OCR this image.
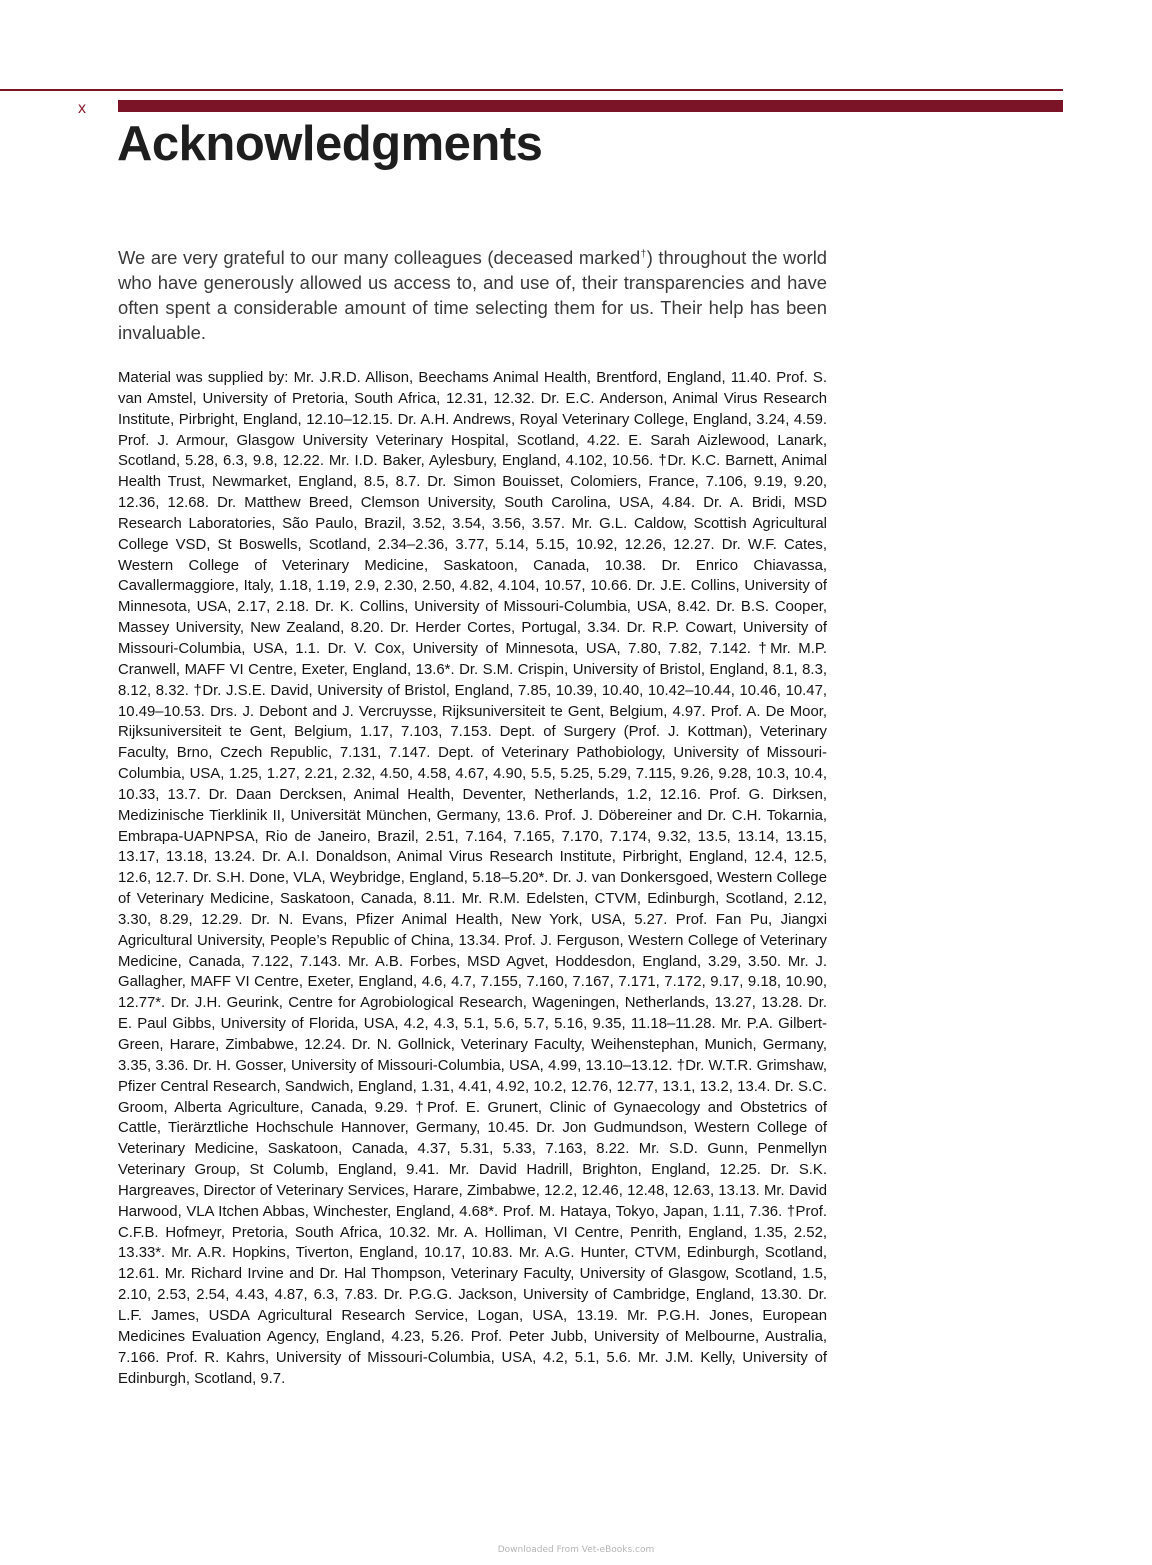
x
Acknowledgments

We are very grateful to our many colleagues (deceased marked†) throughout the world who have generously allowed us access to, and use of, their transparencies and have often spent a considerable amount of time selecting them for us. Their help has been invaluable.

Material was supplied by: Mr. J.R.D. Allison, Beechams Animal Health, Brentford, England, 11.40. Prof. S. van Amstel, University of Pretoria, South Africa, 12.31, 12.32. Dr. E.C. Anderson, Animal Virus Research Institute, Pirbright, England, 12.10–12.15. Dr. A.H. Andrews, Royal Veterinary College, England, 3.24, 4.59. Prof. J. Armour, Glasgow University Veterinary Hospital, Scotland, 4.22. E. Sarah Aizlewood, Lanark, Scotland, 5.28, 6.3, 9.8, 12.22. Mr. I.D. Baker, Aylesbury, England, 4.102, 10.56. †Dr. K.C. Barnett, Animal Health Trust, Newmarket, England, 8.5, 8.7. Dr. Simon Bouisset, Colomiers, France, 7.106, 9.19, 9.20, 12.36, 12.68. Dr. Matthew Breed, Clemson University, South Carolina, USA, 4.84. Dr. A. Bridi, MSD Research Laboratories, São Paulo, Brazil, 3.52, 3.54, 3.56, 3.57. Mr. G.L. Caldow, Scottish Agricultural College VSD, St Boswells, Scotland, 2.34–2.36, 3.77, 5.14, 5.15, 10.92, 12.26, 12.27. Dr. W.F. Cates, Western College of Veterinary Medicine, Saskatoon, Canada, 10.38. Dr. Enrico Chiavassa, Cavallermaggiore, Italy, 1.18, 1.19, 2.9, 2.30, 2.50, 4.82, 4.104, 10.57, 10.66. Dr. J.E. Collins, University of Minnesota, USA, 2.17, 2.18. Dr. K. Collins, University of Missouri-Columbia, USA, 8.42. Dr. B.S. Cooper, Massey University, New Zealand, 8.20. Dr. Herder Cortes, Portugal, 3.34. Dr. R.P. Cowart, University of Missouri-Columbia, USA, 1.1. Dr. V. Cox, University of Minnesota, USA, 7.80, 7.82, 7.142. †Mr. M.P. Cranwell, MAFF VI Centre, Exeter, England, 13.6*. Dr. S.M. Crispin, University of Bristol, England, 8.1, 8.3, 8.12, 8.32. †Dr. J.S.E. David, University of Bristol, England, 7.85, 10.39, 10.40, 10.42–10.44, 10.46, 10.47, 10.49–10.53. Drs. J. Debont and J. Vercruysse, Rijksuniversiteit te Gent, Belgium, 4.97. Prof. A. De Moor, Rijksuniversiteit te Gent, Belgium, 1.17, 7.103, 7.153. Dept. of Surgery (Prof. J. Kottman), Veterinary Faculty, Brno, Czech Republic, 7.131, 7.147. Dept. of Veterinary Pathobiology, University of Missouri-Columbia, USA, 1.25, 1.27, 2.21, 2.32, 4.50, 4.58, 4.67, 4.90, 5.5, 5.25, 5.29, 7.115, 9.26, 9.28, 10.3, 10.4, 10.33, 13.7. Dr. Daan Dercksen, Animal Health, Deventer, Netherlands, 1.2, 12.16. Prof. G. Dirksen, Medizinische Tierklinik II, Universität München, Germany, 13.6. Prof. J. Döbereiner and Dr. C.H. Tokarnia, Embrapa-UAPNPSA, Rio de Janeiro, Brazil, 2.51, 7.164, 7.165, 7.170, 7.174, 9.32, 13.5, 13.14, 13.15, 13.17, 13.18, 13.24. Dr. A.I. Donaldson, Animal Virus Research Institute, Pirbright, England, 12.4, 12.5, 12.6, 12.7. Dr. S.H. Done, VLA, Weybridge, England, 5.18–5.20*. Dr. J. van Donkersgoed, Western College of Veterinary Medicine, Saskatoon, Canada, 8.11. Mr. R.M. Edelsten, CTVM, Edinburgh, Scotland, 2.12, 3.30, 8.29, 12.29. Dr. N. Evans, Pfizer Animal Health, New York, USA, 5.27. Prof. Fan Pu, Jiangxi Agricultural University, People’s Republic of China, 13.34. Prof. J. Ferguson, Western College of Veterinary Medicine, Canada, 7.122, 7.143. Mr. A.B. Forbes, MSD Agvet, Hoddesdon, England, 3.29, 3.50. Mr. J. Gallagher, MAFF VI Centre, Exeter, England, 4.6, 4.7, 7.155, 7.160, 7.167, 7.171, 7.172, 9.17, 9.18, 10.90, 12.77*. Dr. J.H. Geurink, Centre for Agrobiological Research, Wageningen, Netherlands, 13.27, 13.28. Dr. E. Paul Gibbs, University of Florida, USA, 4.2, 4.3, 5.1, 5.6, 5.7, 5.16, 9.35, 11.18–11.28. Mr. P.A. Gilbert-Green, Harare, Zimbabwe, 12.24. Dr. N. Gollnick, Veterinary Faculty, Weihenstephan, Munich, Germany, 3.35, 3.36. Dr. H. Gosser, University of Missouri-Columbia, USA, 4.99, 13.10–13.12. †Dr. W.T.R. Grimshaw, Pfizer Central Research, Sandwich, England, 1.31, 4.41, 4.92, 10.2, 12.76, 12.77, 13.1, 13.2, 13.4. Dr. S.C. Groom, Alberta Agriculture, Canada, 9.29. †Prof. E. Grunert, Clinic of Gynaecology and Obstetrics of Cattle, Tierärztliche Hochschule Hannover, Germany, 10.45. Dr. Jon Gudmundson, Western College of Veterinary Medicine, Saskatoon, Canada, 4.37, 5.31, 5.33, 7.163, 8.22. Mr. S.D. Gunn, Penmellyn Veterinary Group, St Columb, England, 9.41. Mr. David Hadrill, Brighton, England, 12.25. Dr. S.K. Hargreaves, Director of Veterinary Services, Harare, Zimbabwe, 12.2, 12.46, 12.48, 12.63, 13.13. Mr. David Harwood, VLA Itchen Abbas, Winchester, England, 4.68*. Prof. M. Hataya, Tokyo, Japan, 1.11, 7.36. †Prof. C.F.B. Hofmeyr, Pretoria, South Africa, 10.32. Mr. A. Holliman, VI Centre, Penrith, England, 1.35, 2.52, 13.33*. Mr. A.R. Hopkins, Tiverton, England, 10.17, 10.83. Mr. A.G. Hunter, CTVM, Edinburgh, Scotland, 12.61. Mr. Richard Irvine and Dr. Hal Thompson, Veterinary Faculty, University of Glasgow, Scotland, 1.5, 2.10, 2.53, 2.54, 4.43, 4.87, 6.3, 7.83. Dr. P.G.G. Jackson, University of Cambridge, England, 13.30. Dr. L.F. James, USDA Agricultural Research Service, Logan, USA, 13.19. Mr. P.G.H. Jones, European Medicines Evaluation Agency, England, 4.23, 5.26. Prof. Peter Jubb, University of Melbourne, Australia, 7.166. Prof. R. Kahrs, University of Missouri-Columbia, USA, 4.2, 5.1, 5.6. Mr. J.M. Kelly, University of Edinburgh, Scotland, 9.7.

Downloaded From Vet-eBooks.com
